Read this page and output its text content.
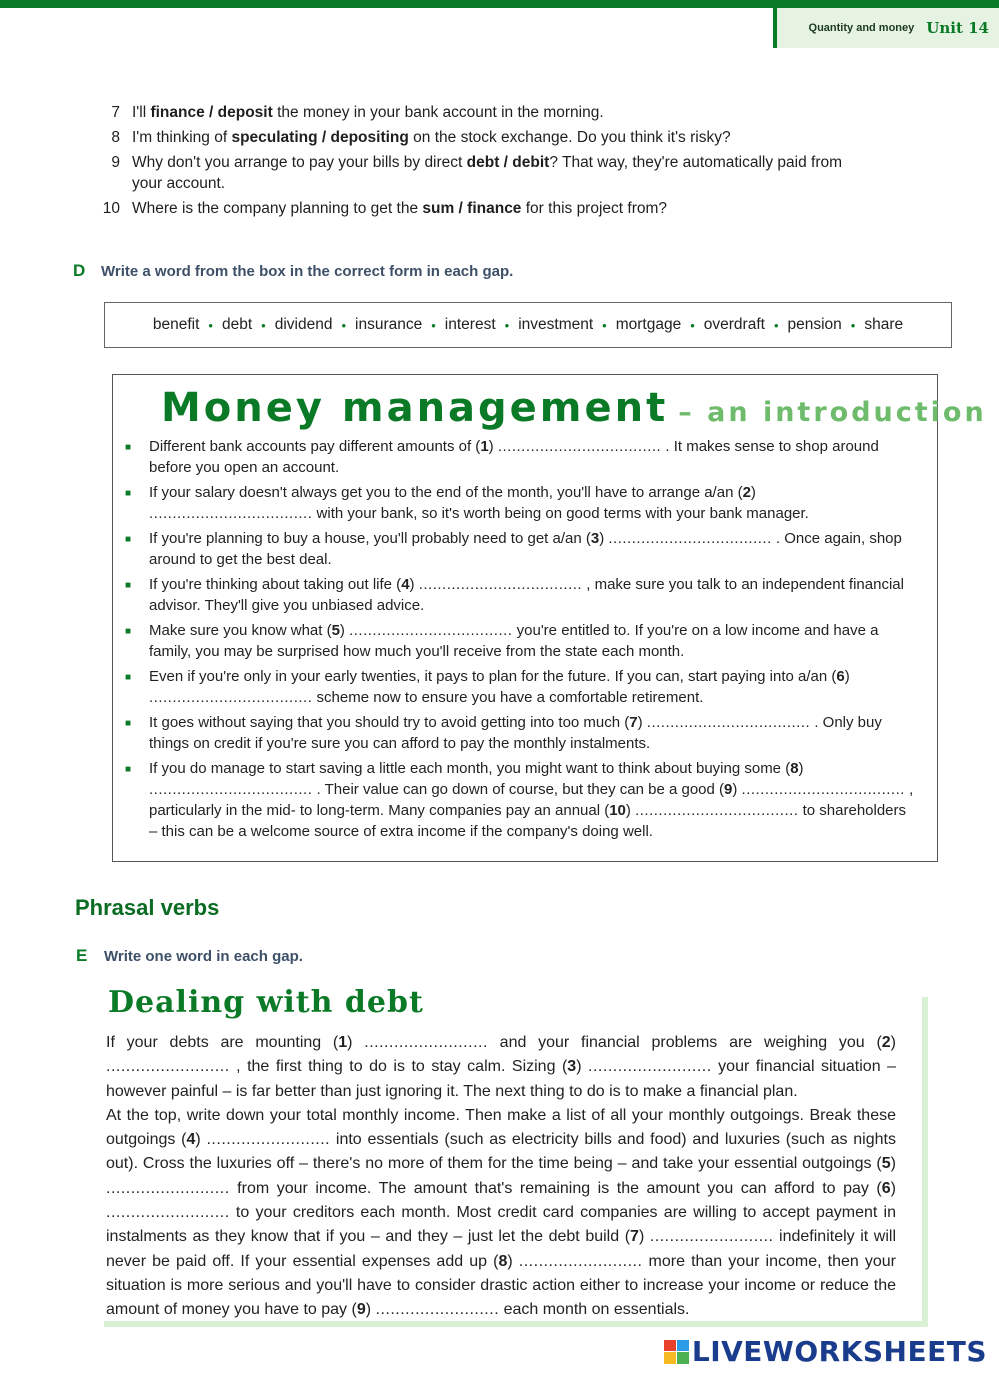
Quantity and money Unit 14
7 I'll finance / deposit the money in your bank account in the morning.
8 I'm thinking of speculating / depositing on the stock exchange. Do you think it's risky?
9 Why don't you arrange to pay your bills by direct debt / debit? That way, they're automatically paid from your account.
10 Where is the company planning to get the sum / finance for this project from?
D	Write a word from the box in the correct form in each gap.
benefit • debt • dividend • insurance • interest • investment • mortgage • overdraft • pension • share
Money management – an introduction
■	Different bank accounts pay different amounts of (1) ................................... . It makes sense to shop around before you open an account.
■	If your salary doesn't always get you to the end of the month, you'll have to arrange a/an (2) ................................... with your bank, so it's worth being on good terms with your bank manager.
■	If you're planning to buy a house, you'll probably need to get a/an (3) ................................... . Once again, shop around to get the best deal.
■	If you're thinking about taking out life (4) ................................... , make sure you talk to an independent financial advisor. They'll give you unbiased advice.
■	Make sure you know what (5) ................................... you're entitled to. If you're on a low income and have a family, you may be surprised how much you'll receive from the state each month.
■	Even if you're only in your early twenties, it pays to plan for the future. If you can, start paying into a/an (6) ................................... scheme now to ensure you have a comfortable retirement.
■	It goes without saying that you should try to avoid getting into too much (7) ................................... . Only buy things on credit if you're sure you can afford to pay the monthly instalments.
■	If you do manage to start saving a little each month, you might want to think about buying some (8) ................................... . Their value can go down of course, but they can be a good (9) ................................... , particularly in the mid- to long-term. Many companies pay an annual (10) ................................... to shareholders – this can be a welcome source of extra income if the company's doing well.
Phrasal verbs
E	Write one word in each gap.
Dealing with debt
If your debts are mounting (1) ......................... and your financial problems are weighing you (2) ......................... , the first thing to do is to stay calm. Sizing (3) ......................... your financial situation – however painful – is far better than just ignoring it. The next thing to do is to make a financial plan.
At the top, write down your total monthly income. Then make a list of all your monthly outgoings. Break these outgoings (4) ......................... into essentials (such as electricity bills and food) and luxuries (such as nights out). Cross the luxuries off – there's no more of them for the time being – and take your essential outgoings (5) ......................... from your income. The amount that's remaining is the amount you can afford to pay (6) ......................... to your creditors each month. Most credit card companies are willing to accept payment in instalments as they know that if you – and they – just let the debt build (7) ......................... indefinitely it will never be paid off. If your essential expenses add up (8) ......................... more than your income, then your situation is more serious and you'll have to consider drastic action either to increase your income or reduce the amount of money you have to pay (9) ......................... each month on essentials.
LIVEWORKSHEETS
